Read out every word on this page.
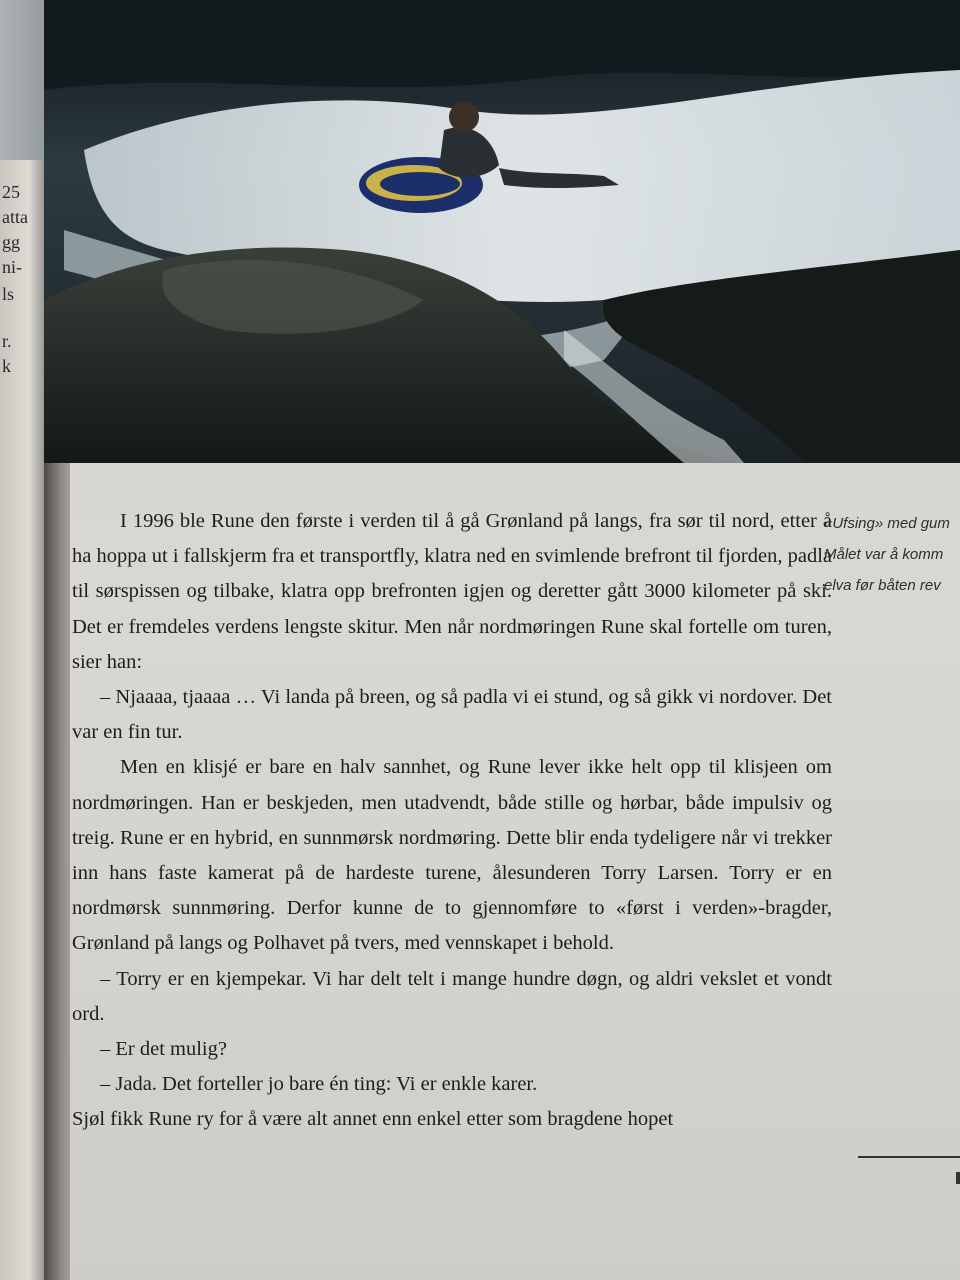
25
atta
gg
ni-
ls
r.
k

I 1996 ble Rune den første i verden til å gå Grønland på langs, fra sør til nord, etter å ha hoppa ut i fallskjerm fra et transportfly, klatra ned en svimlende brefront til fjorden, padla til sørspissen og tilbake, klatra opp brefronten igjen og deretter gått 3000 kilometer på ski. Det er fremdeles verdens lengste skitur. Men når nordmøringen Rune skal fortelle om turen, sier han:

– Njaaaa, tjaaaa … Vi landa på breen, og så padla vi ei stund, og så gikk vi nordover. Det var en fin tur.

Men en klisjé er bare en halv sannhet, og Rune lever ikke helt opp til klisjeen om nordmøringen. Han er beskjeden, men utadvendt, både stille og hørbar, både impulsiv og treig. Rune er en hybrid, en sunnmørsk nordmøring. Dette blir enda tydeligere når vi trekker inn hans faste kamerat på de hardeste turene, ålesunderen Torry Larsen. Torry er en nordmørsk sunnmøring. Derfor kunne de to gjennomføre to «først i verden»-bragder, Grønland på langs og Polhavet på tvers, med vennskapet i behold.

– Torry er en kjempekar. Vi har delt telt i mange hundre døgn, og aldri vekslet et vondt ord.

– Er det mulig?

– Jada. Det forteller jo bare én ting: Vi er enkle karer.

Sjøl fikk Rune ry for å være alt annet enn enkel etter som bragdene hopet

«Ufsing» med gum
Målet var å komm
elva før båten rev
